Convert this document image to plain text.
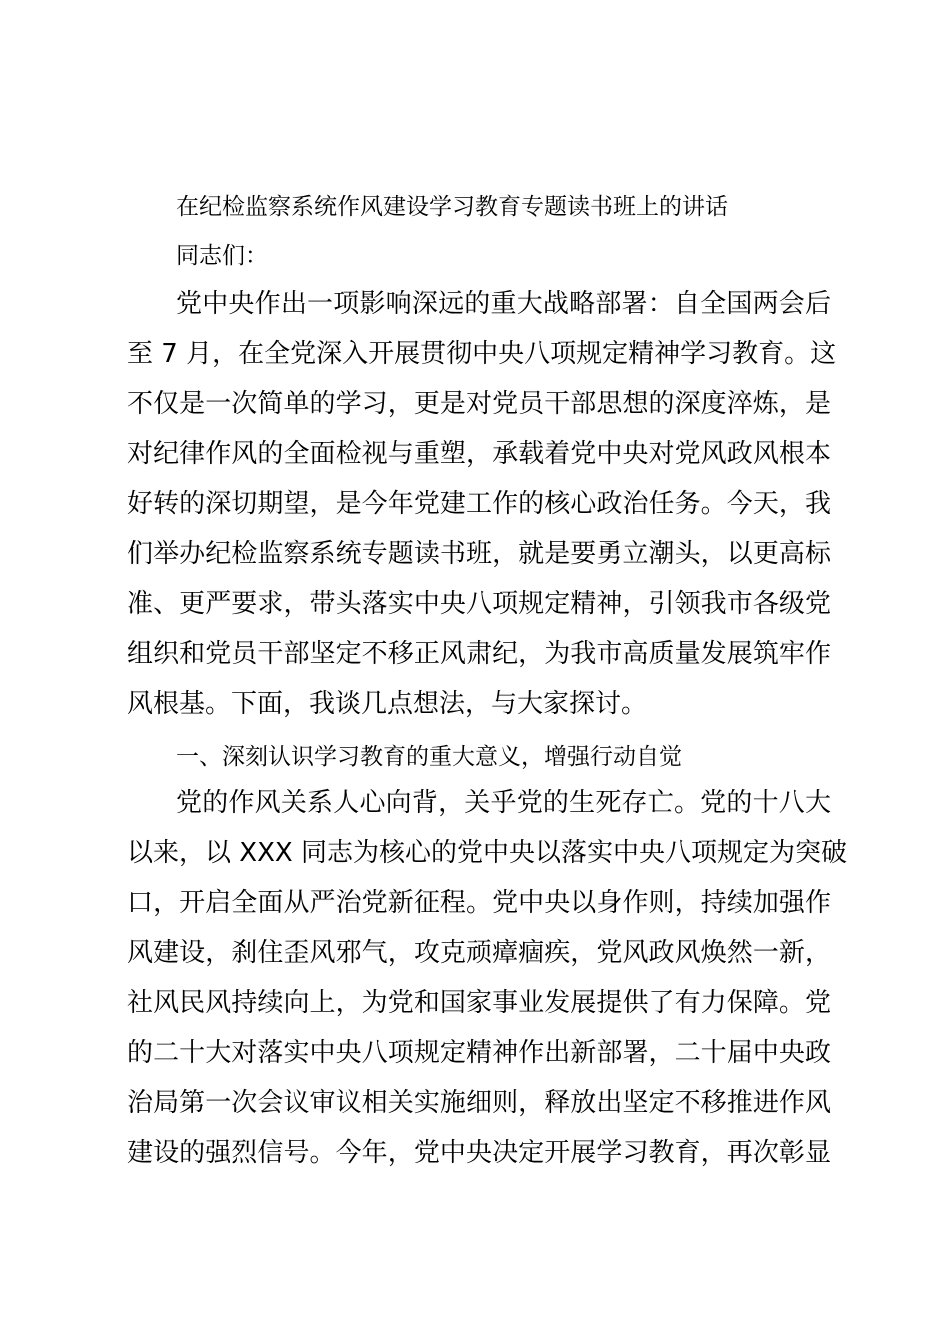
在纪检监察系统作风建设学习教育专题读书班上的讲话
同志们：
党中央作出一项影响深远的重大战略部署：自全国两会后
至 7 月，在全党深入开展贯彻中央八项规定精神学习教育。这
不仅是一次简单的学习，更是对党员干部思想的深度淬炼，是
对纪律作风的全面检视与重塑，承载着党中央对党风政风根本
好转的深切期望，是今年党建工作的核心政治任务。今天，我
们举办纪检监察系统专题读书班，就是要勇立潮头，以更高标
准、更严要求，带头落实中央八项规定精神，引领我市各级党
组织和党员干部坚定不移正风肃纪，为我市高质量发展筑牢作
风根基。下面，我谈几点想法，与大家探讨。
一、深刻认识学习教育的重大意义，增强行动自觉
党的作风关系人心向背，关乎党的生死存亡。党的十八大
以来，以 XXX 同志为核心的党中央以落实中央八项规定为突破
口，开启全面从严治党新征程。党中央以身作则，持续加强作
风建设，刹住歪风邪气，攻克顽瘴痼疾，党风政风焕然一新，
社风民风持续向上，为党和国家事业发展提供了有力保障。党
的二十大对落实中央八项规定精神作出新部署，二十届中央政
治局第一次会议审议相关实施细则，释放出坚定不移推进作风
建设的强烈信号。今年，党中央决定开展学习教育，再次彰显
